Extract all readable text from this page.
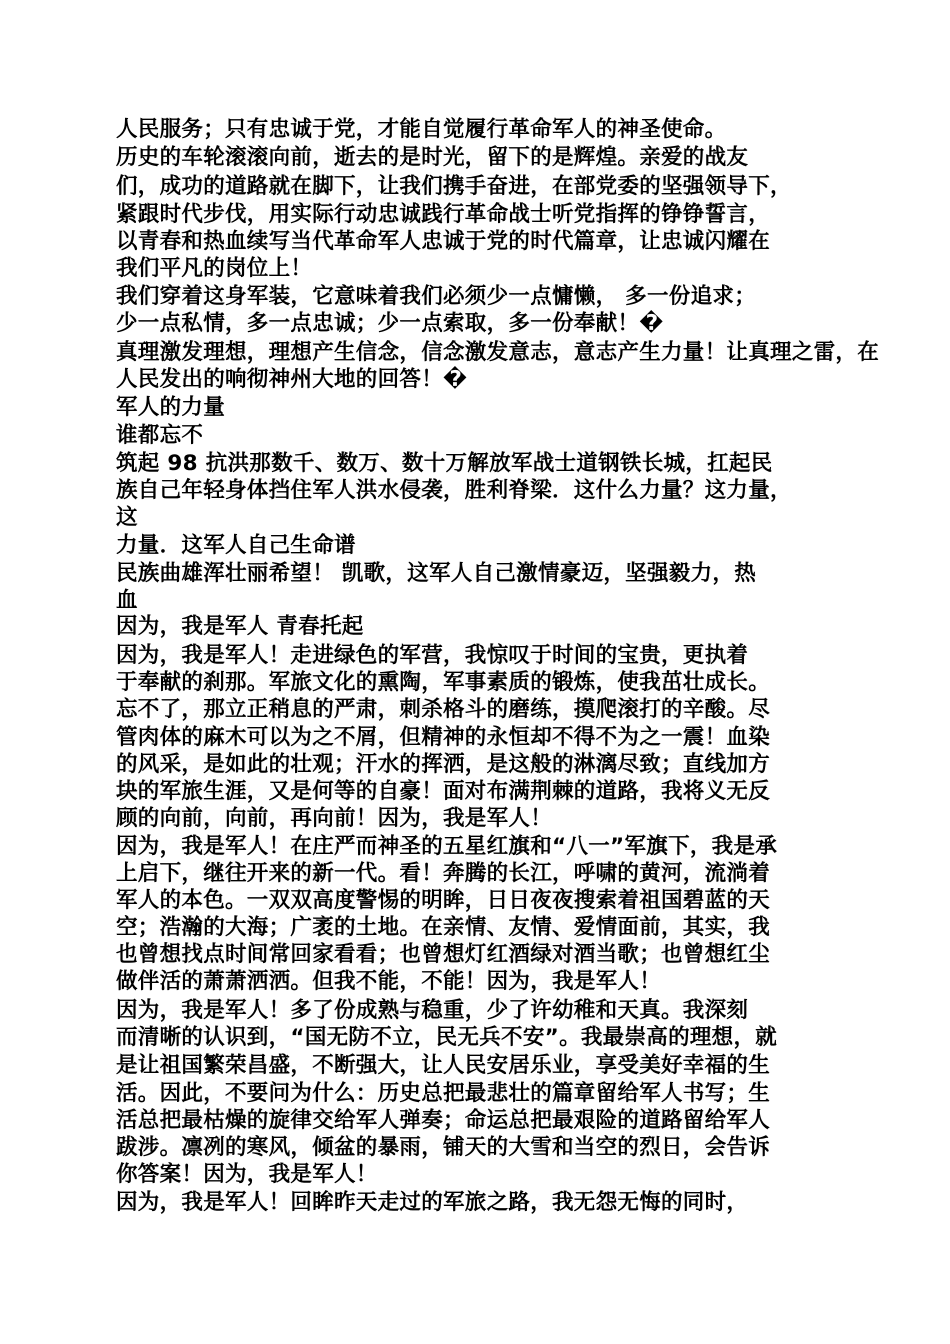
人民服务；只有忠诚于党，才能自觉履行革命军人的神圣使命。
历史的车轮滚滚向前，逝去的是时光，留下的是辉煌。亲爱的战友
们，成功的道路就在脚下，让我们携手奋进，在部党委的坚强领导下，
紧跟时代步伐，用实际行动忠诚践行革命战士听党指挥的铮铮誓言，
以青春和热血续写当代革命军人忠诚于党的时代篇章，让忠诚闪耀在
我们平凡的岗位上！
我们穿着这身军装，它意味着我们必须少一点慵懒， 多一份追求；
少一点私情，多一点忠诚；少一点索取，多一份奉献！�
真理激发理想，理想产生信念，信念激发意志，意志产生力量！让真理之雷，在
人民发出的响彻神州大地的回答！�
军人的力量
谁都忘不
筑起 98 抗洪那数千、数万、数十万解放军战士道钢铁长城，扛起民
族自己年轻身体挡住军人洪水侵袭，胜利脊梁．这什么力量？这力量，
这
力量．这军人自己生命谱
民族曲雄浑壮丽希望！ 凯歌，这军人自己激情豪迈，坚强毅力，热
血
因为，我是军人 青春托起
因为，我是军人！走进绿色的军营，我惊叹于时间的宝贵，更执着
于奉献的刹那。军旅文化的熏陶，军事素质的锻炼，使我茁壮成长。
忘不了，那立正稍息的严肃，刺杀格斗的磨练，摸爬滚打的辛酸。尽
管肉体的麻木可以为之不屑，但精神的永恒却不得不为之一震！血染
的风采，是如此的壮观；汗水的挥洒，是这般的淋漓尽致；直线加方
块的军旅生涯，又是何等的自豪！面对布满荆棘的道路，我将义无反
顾的向前，向前，再向前！因为，我是军人！
因为，我是军人！在庄严而神圣的五星红旗和“八一”军旗下，我是承
上启下，继往开来的新一代。看！奔腾的长江，呼啸的黄河，流淌着
军人的本色。一双双高度警惕的明眸，日日夜夜搜索着祖国碧蓝的天
空；浩瀚的大海；广袤的土地。在亲情、友情、爱情面前，其实，我
也曾想找点时间常回家看看；也曾想灯红酒绿对酒当歌；也曾想红尘
做伴活的萧萧洒洒。但我不能，不能！因为，我是军人！
因为，我是军人！多了份成熟与稳重，少了许幼稚和天真。我深刻
而清晰的认识到，“国无防不立，民无兵不安”。我最崇高的理想，就
是让祖国繁荣昌盛，不断强大，让人民安居乐业，享受美好幸福的生
活。因此，不要问为什么：历史总把最悲壮的篇章留给军人书写；生
活总把最枯燥的旋律交给军人弹奏；命运总把最艰险的道路留给军人
跋涉。凛冽的寒风，倾盆的暴雨，铺天的大雪和当空的烈日，会告诉
你答案！因为，我是军人！
因为，我是军人！回眸昨天走过的军旅之路，我无怨无悔的同时，
